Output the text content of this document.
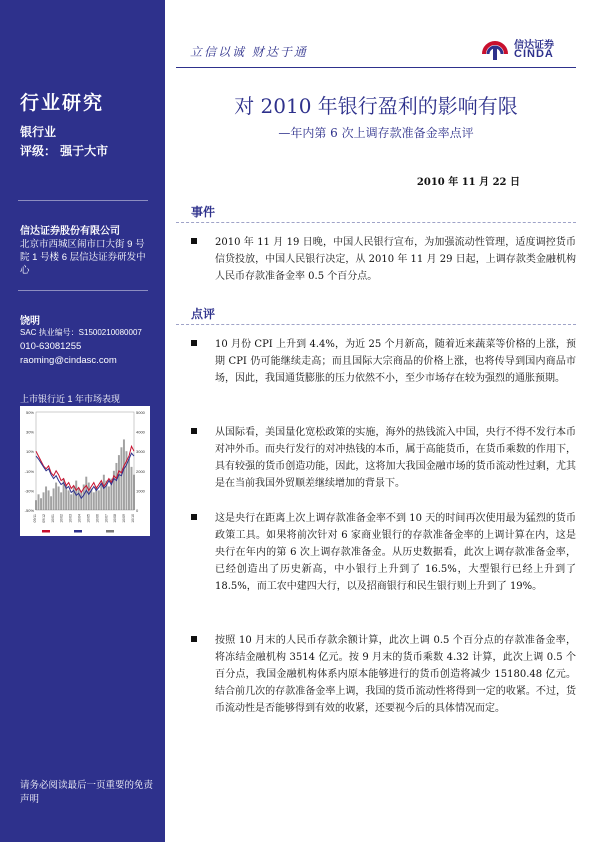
行业研究
银行业
评级： 强于大市
信达证券股份有限公司
北京市西城区闹市口大街 9 号院 1 号楼 6 层信达证券研发中心
饶明
SAC 执业编号：S1500210080007
010-63081255
raoming@cindasc.com
上市银行近 1 年市场表现
50%
30%
10%
-10%
-30%
-50%
5000
4000
3000
2000
1000
0
09/11 09/12 10/01 10/02 10/03 10/04 10/05 10/06 10/07 10/08 10/09 10/10
请务必阅读最后一页重要的免责声明
立信以诚 财达于通	信达证券
CINDA
对 2010 年银行盈利的影响有限
—年内第 6 次上调存款准备金率点评
2010 年 11 月 22 日
事件
2010 年 11 月 19 日晚，中国人民银行宣布，为加强流动性管理，适度调控货币信贷投放，中国人民银行决定，从 2010 年 11 月 29 日起，上调存款类金融机构人民币存款准备金率 0.5 个百分点。
点评
10 月份 CPI 上升到 4.4%，为近 25 个月新高，随着近来蔬菜等价格的上涨，预期 CPI 仍可能继续走高；而且国际大宗商品的价格上涨，也将传导到国内商品市场，因此，我国通货膨胀的压力依然不小，至少市场存在较为强烈的通胀预期。
从国际看，美国量化宽松政策的实施，海外的热钱流入中国，央行不得不发行本币对冲外币。而央行发行的对冲热钱的本币，属于高能货币，在货币乘数的作用下，具有较强的货币创造功能，因此，这将加大我国金融市场的货币流动性过剩，尤其是在当前我国外贸顺差继续增加的背景下。
这是央行在距离上次上调存款准备金率不到 10 天的时间再次使用最为猛烈的货币政策工具。如果将前次针对 6 家商业银行的存款准备金率的上调计算在内，这是央行在年内的第 6 次上调存款准备金。从历史数据看，此次上调存款准备金率，已经创造出了历史新高，中小银行上升到了 16.5%，大型银行已经上升到了 18.5%，而工农中建四大行，以及招商银行和民生银行则上升到了 19%。
按照 10 月末的人民币存款余额计算，此次上调 0.5 个百分点的存款准备金率，将冻结金融机构 3514 亿元。按 9 月末的货币乘数 4.32 计算，此次上调 0.5 个百分点，我国金融机构体系内原本能够进行的货币创造将减少 15180.48 亿元。结合前几次的存款准备金率上调，我国的货币流动性将得到一定的收紧。不过，货币流动性是否能够得到有效的收紧，还要视今后的具体情况而定。
